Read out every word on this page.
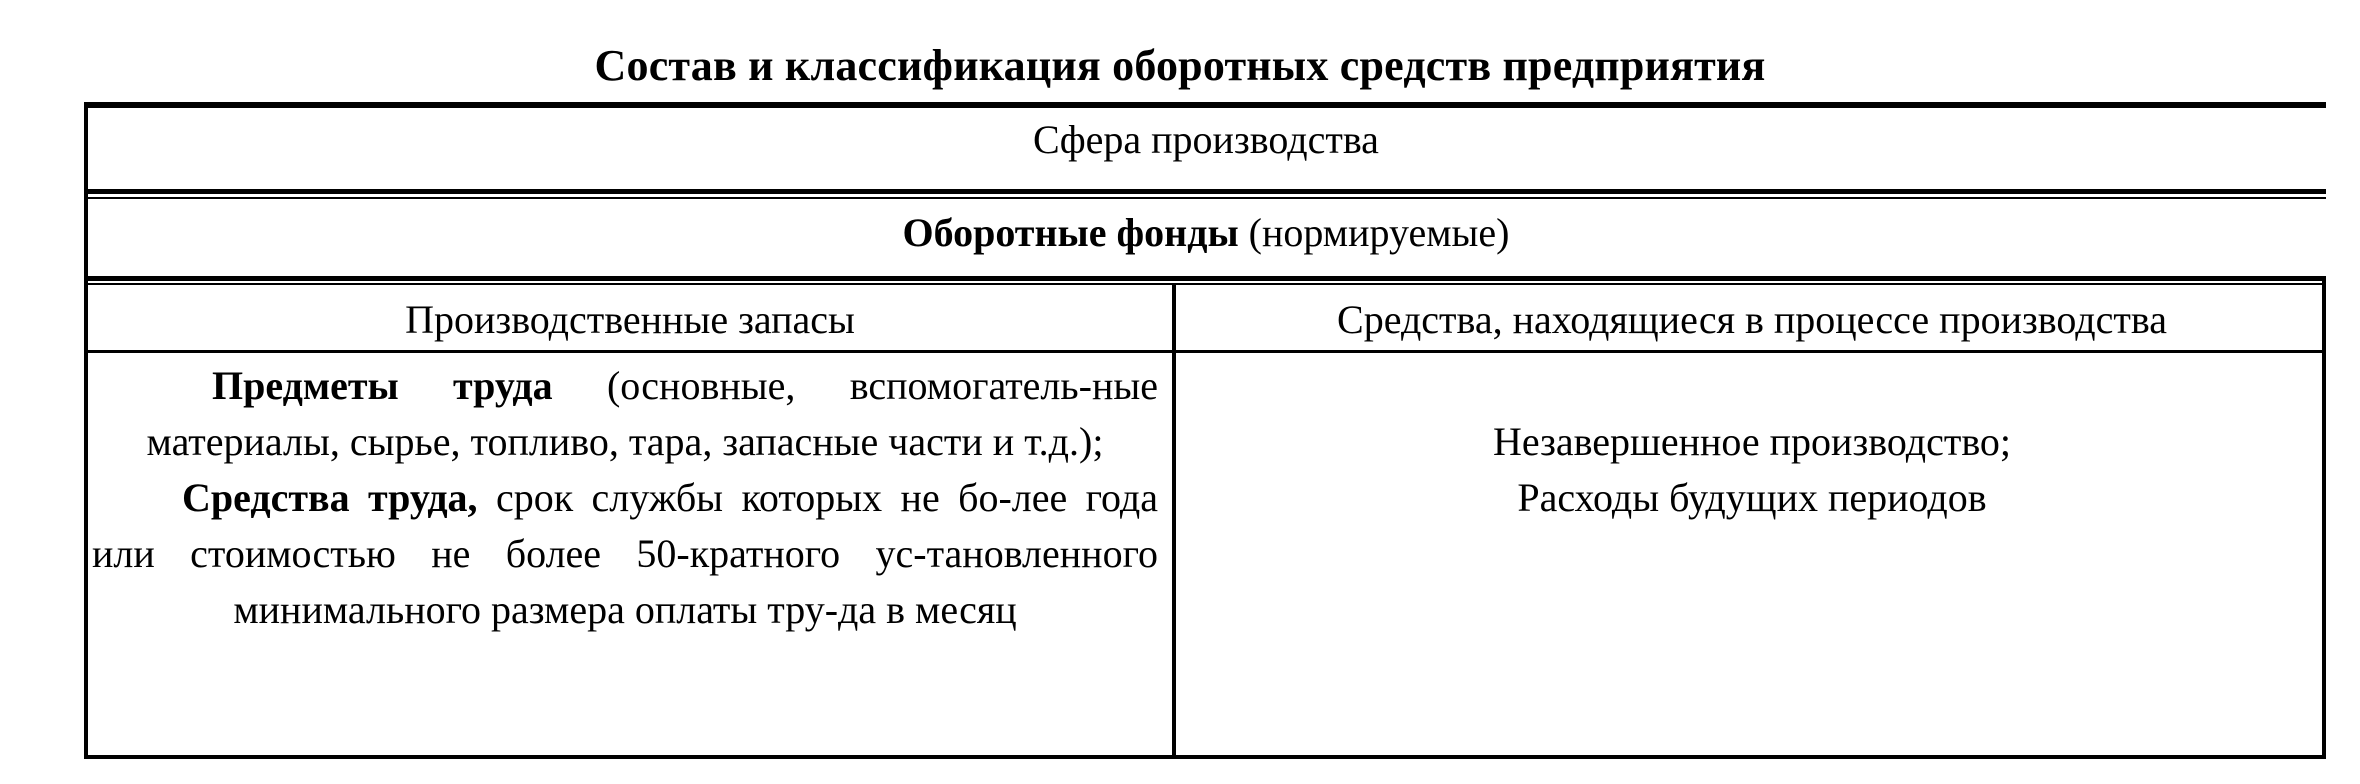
Состав и классификация оборотных средств предприятия
Сфера производства
Оборотные фонды (нормируемые)
Производственные запасы	Средства, находящиеся в процессе производства

Предметы труда (основные, вспомогатель-ные материалы, сырье, топливо, тара, запасные части и т.д.);

Средства труда, срок службы которых не бо-лее года или стоимостью не более 50-кратного ус-тановленного минимального размера оплаты тру-да в месяц

Незавершенное производство;
Расходы будущих периодов
